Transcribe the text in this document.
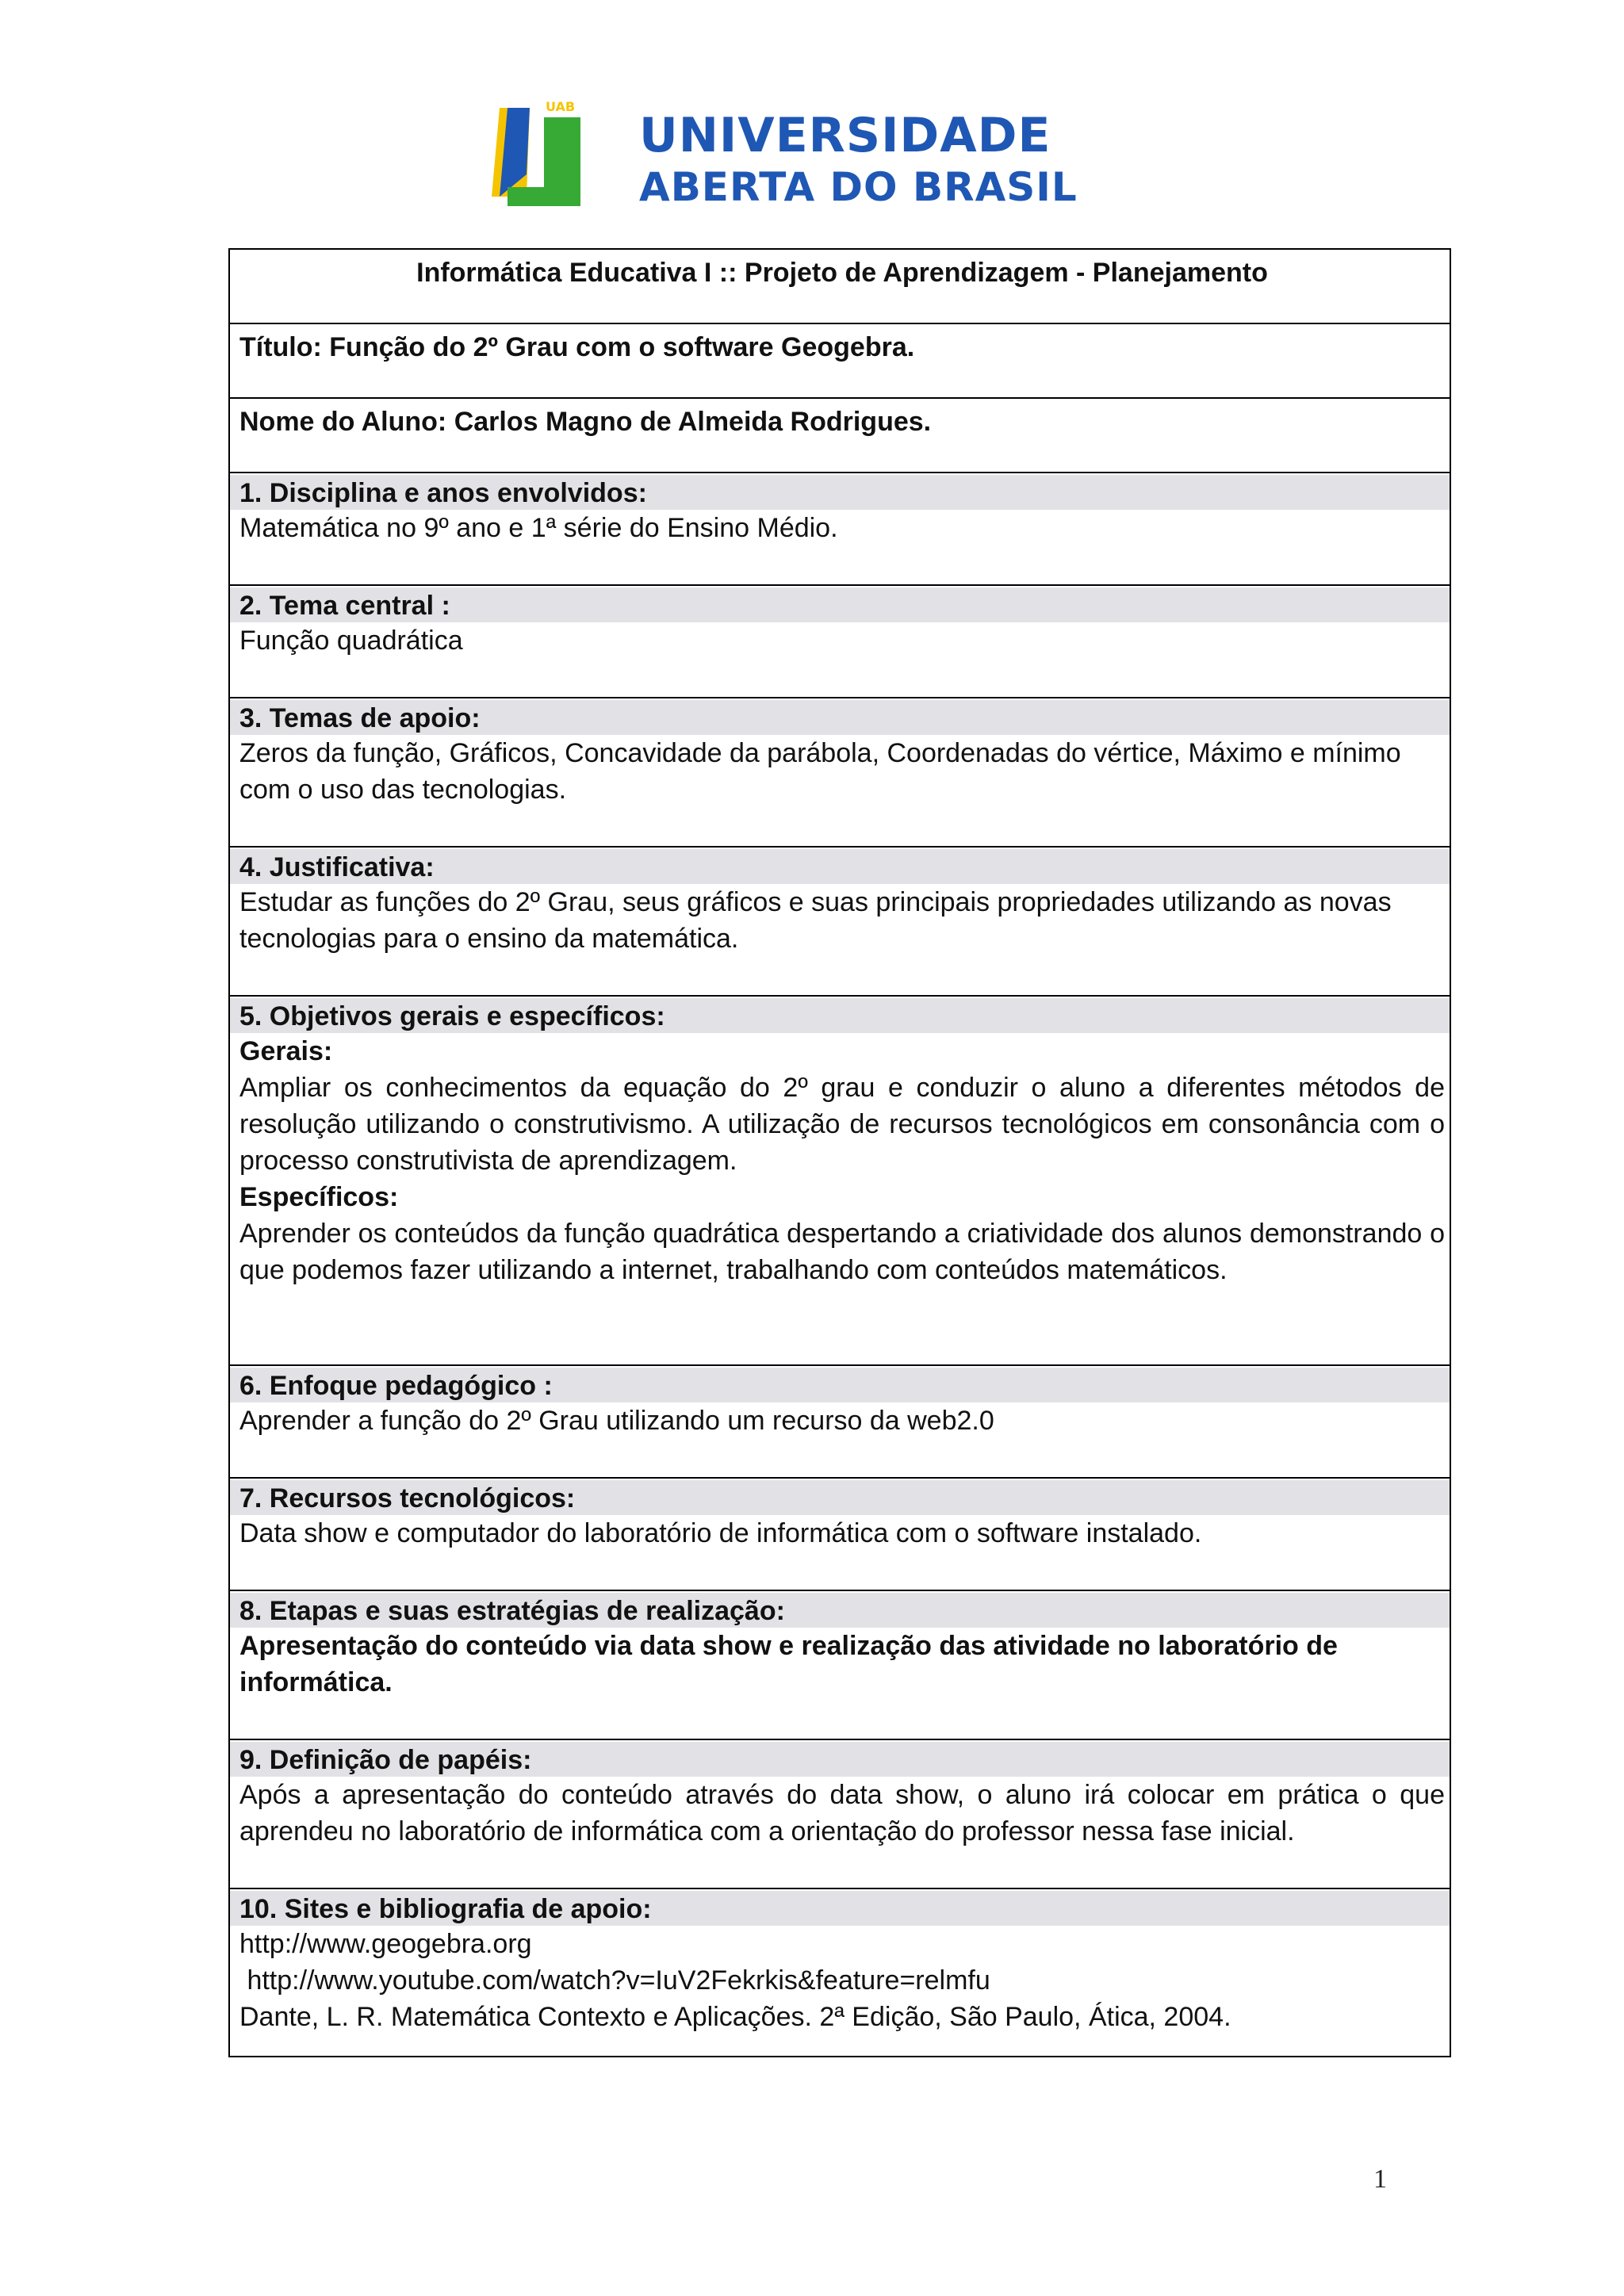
UAB
UNIVERSIDADE
ABERTA DO BRASIL
Informática Educativa I :: Projeto de Aprendizagem - Planejamento
Título: Função do 2º Grau com o software Geogebra.
Nome do Aluno: Carlos Magno de Almeida Rodrigues.
1. Disciplina e anos envolvidos:

Matemática no 9º ano e 1ª série do Ensino Médio.

2. Tema central :

Função quadrática

3. Temas de apoio:

Zeros da função, Gráficos, Concavidade da parábola, Coordenadas do vértice, Máximo e mínimo com o uso das tecnologias.

4. Justificativa:

Estudar as funções do 2º Grau, seus gráficos e suas principais propriedades utilizando as novas tecnologias para o ensino da matemática.

5. Objetivos gerais e específicos:
Gerais:

Ampliar os conhecimentos da equação do 2º grau e conduzir o aluno a diferentes métodos de resolução utilizando o construtivismo. A utilização de recursos tecnológicos em consonância com o processo construtivista de aprendizagem.

Específicos:

Aprender os conteúdos da função quadrática despertando a criatividade dos alunos demonstrando o que podemos fazer utilizando a internet, trabalhando com conteúdos matemáticos.

6. Enfoque pedagógico :

Aprender a função do 2º Grau utilizando um recurso da web2.0

7. Recursos tecnológicos:

Data show e computador do laboratório de informática com o software instalado.

8. Etapas e suas estratégias de realização:

Apresentação do conteúdo via data show e realização das atividade no laboratório de informática.

9. Definição de papéis:

Após a apresentação do conteúdo através do data show, o aluno irá colocar em prática o que aprendeu no laboratório de informática com a orientação do professor nessa fase inicial.

10. Sites e bibliografia de apoio:
http://www.geogebra.org
http://www.youtube.com/watch?v=IuV2Fekrkis&feature=relmfu
Dante, L. R. Matemática Contexto e Aplicações. 2ª Edição, São Paulo, Ática, 2004.
1
